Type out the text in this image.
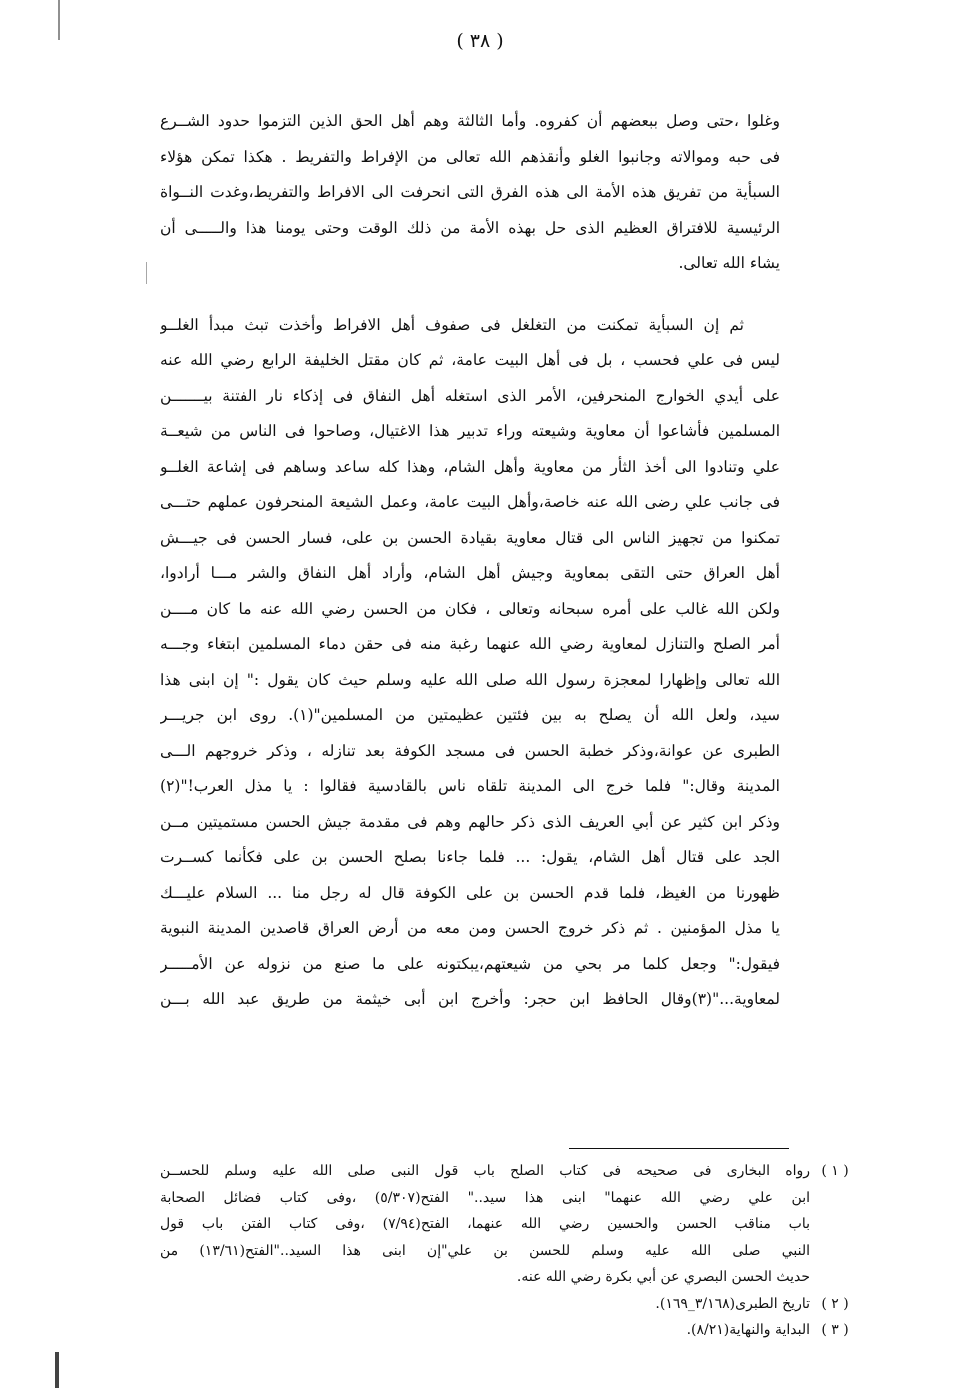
( ٣٨ )
وغلوا ،حتى وصل ببعضهم أن كفروه. وأما الثالثة وهم أهل الحق الذين التزموا حدود الشــرع
فى حبه وموالاته وجانبوا الغلو وأنقذهم الله تعالى من الإفراط والتفريط . هكذا تمكن هؤلاء
السبأية من تفريق هذه الأمة الى هذه الفرق التى انحرفت الى الافراط والتفريط،وغدت النــواة
الرئيسية للافتراق العظيم الذى حل بهذه الأمة من ذلك الوقت وحتى يومنا هذا والـــــى أن
يشاء الله تعالى.
ثم إن السبأية تمكنت من التغلغل فى صفوف أهل الافراط وأخذت تبث مبدأ الغلــو
ليس فى علي فحسب ، بل فى أهل البيت عامة، ثم كان مقتل الخليفة الرابع رضي الله عنه
على أيدي الخوارج المنحرفين، الأمر الذى استغله أهل النفاق فى إذكاء نار الفتنة بيـــــــن
المسلمين فأشاعوا أن معاوية وشيعته وراء تدبير هذا الاغتيال، وصاحوا فى الناس من شيعــة
علي وتنادوا الى أخذ الثأر من معاوية وأهل الشام، وهذا كله ساعد وساهم فى إشاعة الغلــو
فى جانب علي رضى الله عنه خاصة،وأهل البيت عامة، وعمل الشيعة المنحرفون عملهم حتـــى
تمكنوا من تجهيز الناس الى قتال معاوية بقيادة الحسن بن على، فسار الحسن فى جيـــش
أهل العراق حتى التقى بمعاوية وجيش أهل الشام، وأراد أهل النفاق والشر مـــا أرادوا،
ولكن الله غالب على أمره سبحانه وتعالى ، فكان من الحسن رضي الله عنه ما كان مــــن
أمر الصلح والتنازل لمعاوية رضي الله عنهما رغبة منه فى حقن دماء المسلمين ابتغاء وجـــه
الله تعالى وإظهارا لمعجزة رسول الله صلى الله عليه وسلم حيث كان يقول :" إن ابنى هذا
سيد، ولعل الله أن يصلح به بين فئتين عظيمتين من المسلمين"(١). روى ابن جريـــر
الطبرى عن عوانة،وذكر خطبة الحسن فى مسجد الكوفة بعد تنازله ، وذكر خروجهم الـــى
المدينة وقال:" فلما خرج الى المدينة تلقاه ناس بالقادسية فقالوا : يا مذل العرب!"(٢)
وذكر ابن كثير عن أبي العريف الذى ذكر حالهم وهم فى مقدمة جيش الحسن مستميتين مــن
الجد على قتال أهل الشام، يقول: ... فلما جاءنا بصلح الحسن بن على فكأنما كســرت
ظهورنا من الغيظ، فلما قدم الحسن بن على الكوفة قال له رجل منا ... السلام عليـــك
يا مذل المؤمنين . ثم ذكر خروج الحسن ومن معه من أرض العراق قاصدين المدينة النبوية
فيقول:" وجعل كلما مر بحي من شيعتهم،يبكتونه على ما صنع من نزوله عن الأمـــــر
لمعاوية..."(٣)وقال الحافظ ابن حجر: وأخرج ابن أبى خيثمة من طريق عبد الله بـــن
( ١ )
رواه البخارى فى صحيحه فى كتاب الصلح باب قول النبى صلى الله عليه وسلم للحســن
ابن علي رضي الله عنهما" ابنى هذا سيد.." الفتح(٥/٣٠٧) ،وفى كتاب فضائل الصحابة
باب مناقب الحسن والحسين رضي الله عنهما، الفتح(٧/٩٤) ،وفى كتاب الفتن باب قول
النبي صلى الله عليه وسلم للحسن بن علي"إن ابنى هذا السيد.."الفتح(١٣/٦١) من
حديث الحسن البصري عن أبي بكرة رضي الله عنه.
( ٢ )
تاريخ الطبرى(٣/١٦٨_١٦٩).
( ٣ )
البداية والنهاية(٨/٢١).
